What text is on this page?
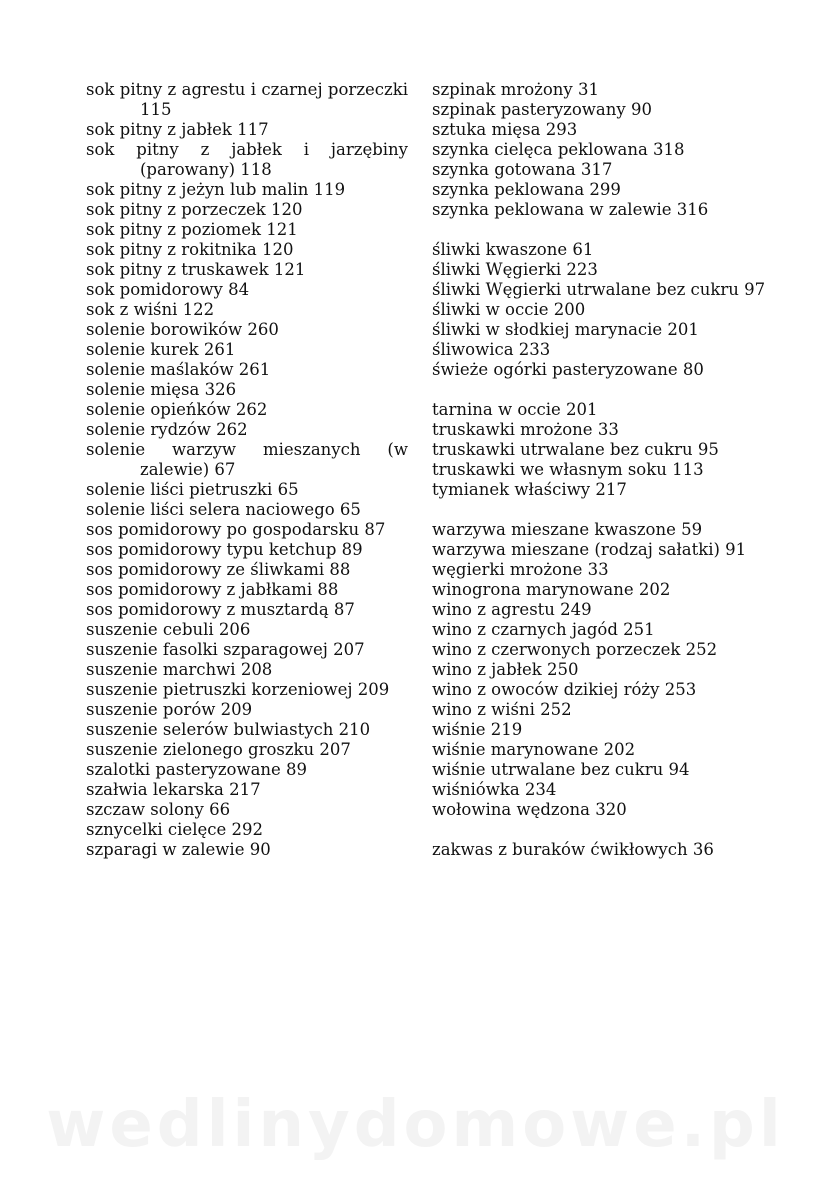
sok pitny z agrestu i czarnej porzeczki 115
sok pitny z jabłek 117
sok pitny z jabłek i jarzębiny (parowany) 118
sok pitny z jeżyn lub malin 119
sok pitny z porzeczek 120
sok pitny z poziomek 121
sok pitny z rokitnika 120
sok pitny z truskawek 121
sok pomidorowy 84
sok z wiśni 122
solenie borowików 260
solenie kurek 261
solenie maślaków 261
solenie mięsa 326
solenie opieńków 262
solenie rydzów 262
solenie warzyw mieszanych (w zalewie) 67
solenie liści pietruszki 65
solenie liści selera naciowego 65
sos pomidorowy po gospodarsku 87
sos pomidorowy typu ketchup 89
sos pomidorowy ze śliwkami 88
sos pomidorowy z jabłkami 88
sos pomidorowy z musztardą 87
suszenie cebuli 206
suszenie fasolki szparagowej 207
suszenie marchwi 208
suszenie pietruszki korzeniowej 209
suszenie porów 209
suszenie selerów bulwiastych 210
suszenie zielonego groszku 207
szalotki pasteryzowane 89
szałwia lekarska 217
szczaw solony 66
sznycelki cielęce 292
szparagi w zalewie 90
szpinak mrożony 31
szpinak pasteryzowany 90
sztuka mięsa 293
szynka cielęca peklowana 318
szynka gotowana 317
szynka peklowana 299
szynka peklowana w zalewie 316
śliwki kwaszone 61
śliwki Węgierki 223
śliwki Węgierki utrwalane bez cukru 97
śliwki w occie 200
śliwki w słodkiej marynacie 201
śliwowica 233
świeże ogórki pasteryzowane 80
tarnina w occie 201
truskawki mrożone 33
truskawki utrwalane bez cukru 95
truskawki we własnym soku 113
tymianek właściwy 217
warzywa mieszane kwaszone 59
warzywa mieszane (rodzaj sałatki) 91
węgierki mrożone 33
winogrona marynowane 202
wino z agrestu 249
wino z czarnych jagód 251
wino z czerwonych porzeczek 252
wino z jabłek 250
wino z owoców dzikiej róży 253
wino z wiśni 252
wiśnie 219
wiśnie marynowane 202
wiśnie utrwalane bez cukru 94
wiśniówka 234
wołowina wędzona 320
zakwas z buraków ćwikłowych 36
wedlinydomowe.pl
